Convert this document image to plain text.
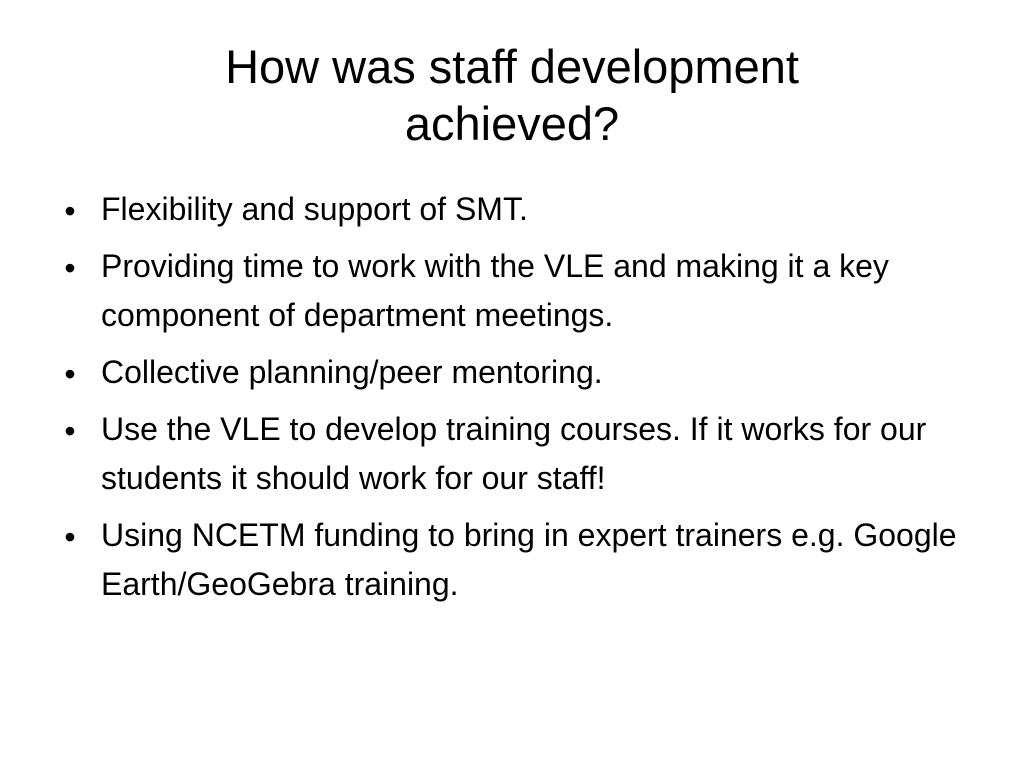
How was staff development
achieved?
• Flexibility and support of SMT.
• Providing time to work with the VLE and making it a key component of department meetings.
• Collective planning/peer mentoring.
• Use the VLE to develop training courses. If it works for our students it should work for our staff!
• Using NCETM funding to bring in expert trainers e.g. Google Earth/GeoGebra training.
